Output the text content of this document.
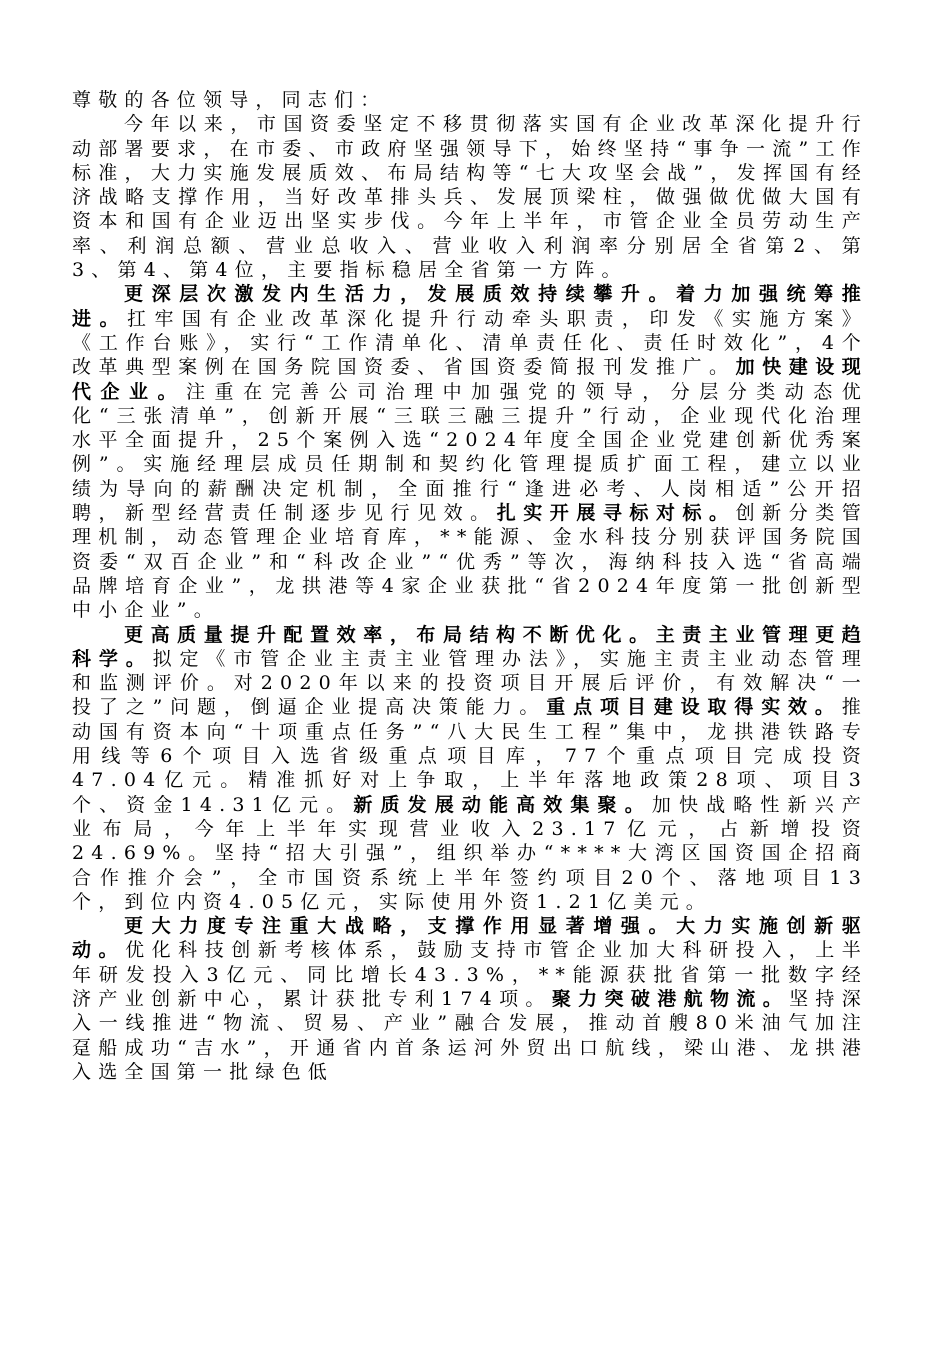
尊敬的各位领导，同志们：

今年以来，市国资委坚定不移贯彻落实国有企业改革深化提升行动部署要求，在市委、市政府坚强领导下，始终坚持“事争一流”工作标准，大力实施发展质效、布局结构等“七大攻坚会战”，发挥国有经济战略支撑作用，当好改革排头兵、发展顶梁柱，做强做优做大国有资本和国有企业迈出坚实步伐。今年上半年，市管企业全员劳动生产率、利润总额、营业总收入、营业收入利润率分别居全省第2、第3、第4、第4位，主要指标稳居全省第一方阵。

更深层次激发内生活力，发展质效持续攀升。着力加强统筹推进。扛牢国有企业改革深化提升行动牵头职责，印发《实施方案》《工作台账》，实行“工作清单化、清单责任化、责任时效化”，4个改革典型案例在国务院国资委、省国资委简报刊发推广。加快建设现代企业。注重在完善公司治理中加强党的领导，分层分类动态优化“三张清单”，创新开展“三联三融三提升”行动，企业现代化治理水平全面提升，25个案例入选“2024年度全国企业党建创新优秀案例”。实施经理层成员任期制和契约化管理提质扩面工程，建立以业绩为导向的薪酬决定机制，全面推行“逢进必考、人岗相适”公开招聘，新型经营责任制逐步见行见效。扎实开展寻标对标。创新分类管理机制，动态管理企业培育库，**能源、金水科技分别获评国务院国资委“双百企业”和“科改企业”“优秀”等次，海纳科技入选“省高端品牌培育企业”，龙拱港等4家企业获批“省2024年度第一批创新型中小企业”。

更高质量提升配置效率，布局结构不断优化。主责主业管理更趋科学。拟定《市管企业主责主业管理办法》，实施主责主业动态管理和监测评价。对2020年以来的投资项目开展后评价，有效解决“一投了之”问题，倒逼企业提高决策能力。重点项目建设取得实效。推动国有资本向“十项重点任务”“八大民生工程”集中，龙拱港铁路专用线等6个项目入选省级重点项目库，77个重点项目完成投资47.04亿元。精准抓好对上争取，上半年落地政策28项、项目3个、资金14.31亿元。新质发展动能高效集聚。加快战略性新兴产业布局，今年上半年实现营业收入23.17亿元，占新增投资24.69%。坚持“招大引强”，组织举办“****大湾区国资国企招商合作推介会”，全市国资系统上半年签约项目20个、落地项目13个，到位内资4.05亿元，实际使用外资1.21亿美元。

更大力度专注重大战略，支撑作用显著增强。大力实施创新驱动。优化科技创新考核体系，鼓励支持市管企业加大科研投入，上半年研发投入3亿元、同比增长43.3%，**能源获批省第一批数字经济产业创新中心，累计获批专利174项。聚力突破港航物流。坚持深入一线推进“物流、贸易、产业”融合发展，推动首艘80米油气加注趸船成功“吉水”，开通省内首条运河外贸出口航线，梁山港、龙拱港入选全国第一批绿色低
